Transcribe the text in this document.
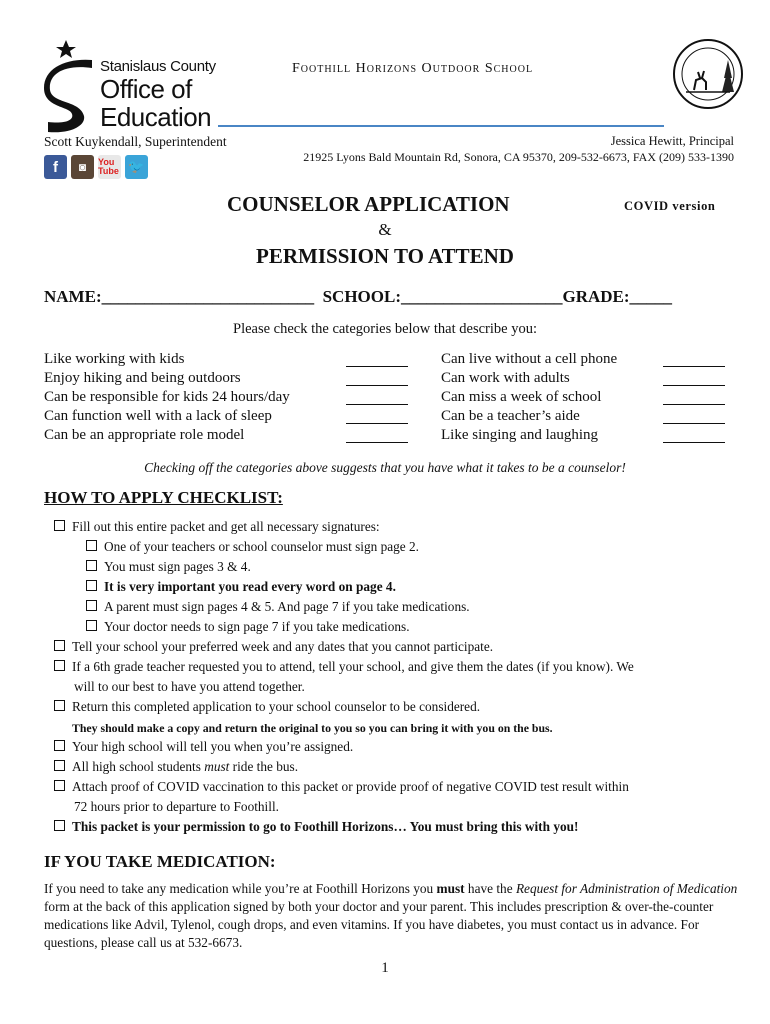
Stanislaus County
Office of
Education
Foothill Horizons Outdoor School
Scott Kuykendall, Superintendent	Jessica Hewitt, Principal
21925 Lyons Bald Mountain Rd, Sonora, CA 95370, 209-532-6673, FAX (209) 533-1390
f	◙	You Tube 🐦
COUNSELOR APPLICATION	COVID version
&
PERMISSION TO ATTEND
NAME:_________________________  SCHOOL:___________________GRADE:_____
Please check the categories below that describe you:
Like working with kids
Enjoy hiking and being outdoors
Can be responsible for kids 24 hours/day
Can function well with a lack of sleep
Can be an appropriate role model
Can live without a cell phone
Can work with adults
Can miss a week of school
Can be a teacher’s aide
Like singing and laughing
Checking off the categories above suggests that you have what it takes to be a counselor!
HOW TO APPLY CHECKLIST:
Fill out this entire packet and get all necessary signatures:
One of your teachers or school counselor must sign page 2.
You must sign pages 3 & 4.
It is very important you read every word on page 4.
A parent must sign pages 4 & 5. And page 7 if you take medications.
Your doctor needs to sign page 7 if you take medications.
Tell your school your preferred week and any dates that you cannot participate.
If a 6th grade teacher requested you to attend, tell your school, and give them the dates (if you know). We
will to our best to have you attend together.
Return this completed application to your school counselor to be considered.
They should make a copy and return the original to you so you can bring it with you on the bus.
Your high school will tell you when you’re assigned.
All high school students must ride the bus.
Attach proof of COVID vaccination to this packet or provide proof of negative COVID test result within
72 hours prior to departure to Foothill.
This packet is your permission to go to Foothill Horizons… You must bring this with you!
IF YOU TAKE MEDICATION:
If you need to take any medication while you’re at Foothill Horizons you must have the Request for Administration of Medication form at the back of this application signed by both your doctor and your parent. This includes prescription & over-the-counter medications like Advil, Tylenol, cough drops, and even vitamins. If you have diabetes, you must contact us in advance. For questions, please call us at 532-6673.
1
